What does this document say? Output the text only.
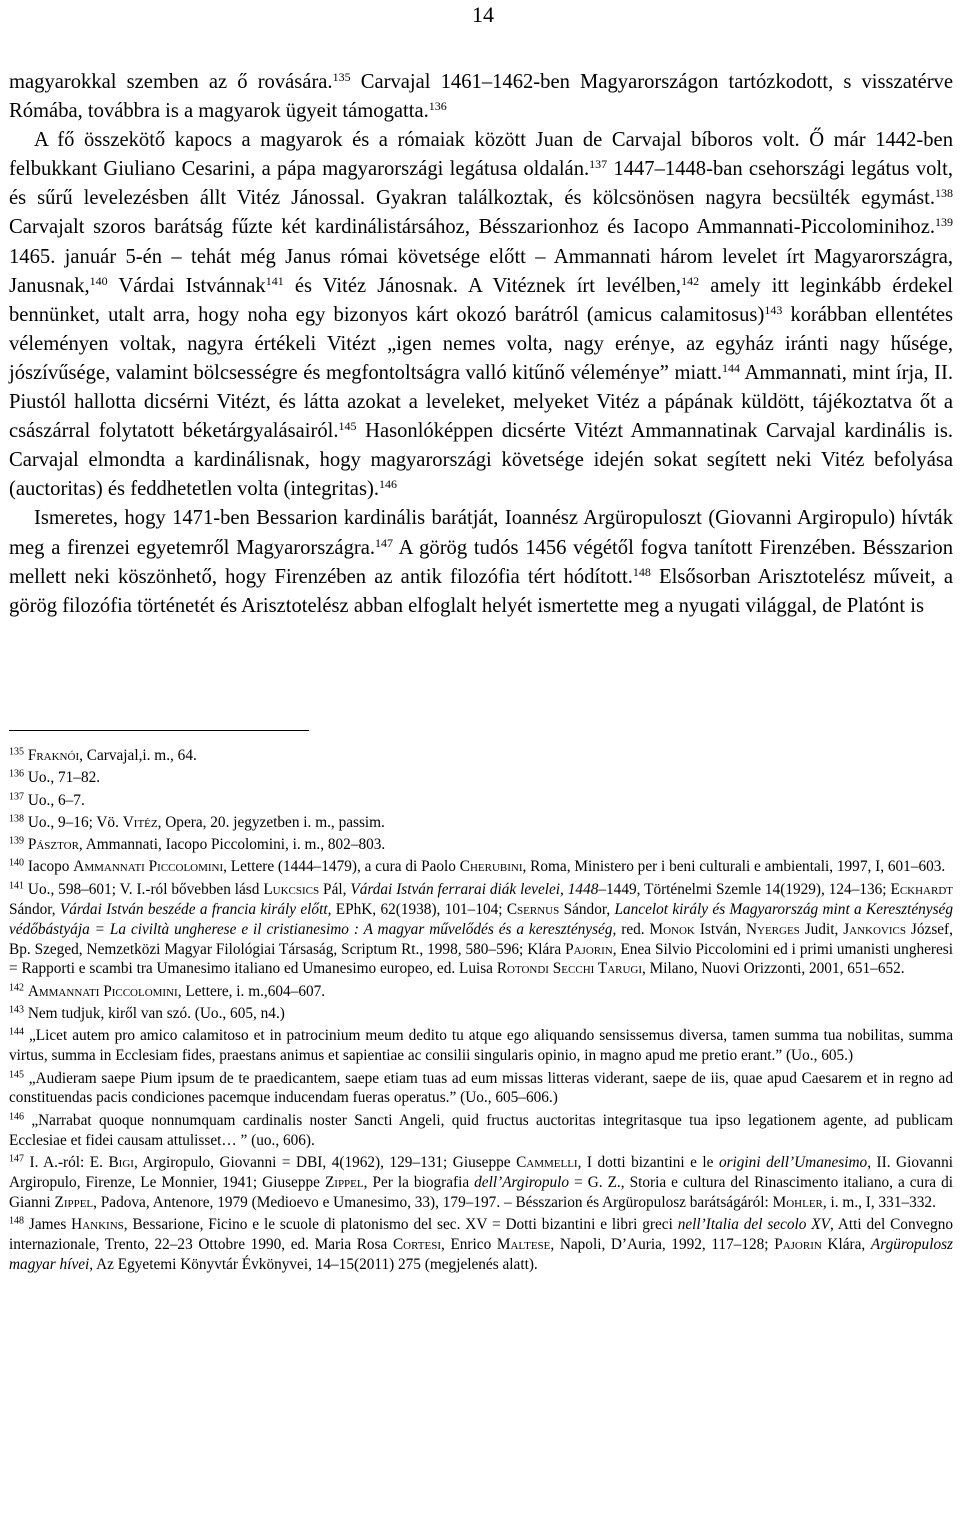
14

magyarokkal szemben az ő rovására.$^{135}$ Carvajal 1461–1462-ben Magyarországon tartózkodott, s visszatérve Rómába, továbbra is a magyarok ügyeit támogatta.$^{136}$

A fő összekötő kapocs a magyarok és a rómaiak között Juan de Carvajal bíboros volt. Ő már 1442-ben felbukkant Giuliano Cesarini, a pápa magyarországi legátusa oldalán.$^{137}$ 1447–1448-ban csehországi legátus volt, és sűrű levelezésben állt Vitéz Jánossal. Gyakran találkoztak, és kölcsönösen nagyra becsülték egymást.$^{138}$ Carvajalt szoros barátság fűzte két kardinálistársához, Bésszarionhoz és Iacopo Ammannati-Piccolominihoz.$^{139}$ 1465. január 5-én – tehát még Janus római követsége előtt – Ammannati három levelet írt Magyarországra, Janusnak,$^{140}$ Várdai Istvánnak$^{141}$ és Vitéz Jánosnak. A Vitéznek írt levélben,$^{142}$ amely itt leginkább érdekel bennünket, utalt arra, hogy noha egy bizonyos kárt okozó barátról (amicus calamitosus)$^{143}$ korábban ellentétes véleményen voltak, nagyra értékeli Vitézt „igen nemes volta, nagy erénye, az egyház iránti nagy hűsége, jószívűsége, valamint bölcsességre és megfontoltságra valló kitűnő véleménye” miatt.$^{144}$ Ammannati, mint írja, II. Piustól hallotta dicsérni Vitézt, és látta azokat a leveleket, melyeket Vitéz a pápának küldött, tájékoztatva őt a császárral folytatott béketárgyalásairól.$^{145}$ Hasonlóképpen dicsérte Vitézt Ammannatinak Carvajal kardinális is. Carvajal elmondta a kardinálisnak, hogy magyarországi követsége idején sokat segített neki Vitéz befolyása (auctoritas) és feddhetetlen volta (integritas).$^{146}$

Ismeretes, hogy 1471-ben Bessarion kardinális barátját, Ioannész Argüropuloszt (Giovanni Argiropulo) hívták meg a firenzei egyetemről Magyarországra.$^{147}$ A görög tudós 1456 végétől fogva tanított Firenzében. Bésszarion mellett neki köszönhető, hogy Firenzében az antik filozófia tért hódított.$^{148}$ Elsősorban Arisztotelész műveit, a görög filozófia történetét és Arisztotelész abban elfoglalt helyét ismertette meg a nyugati világgal, de Platónt is

$^{135}$ Fraknói, Carvajal,i. m., 64.
$^{136}$ Uo., 71–82.
$^{137}$ Uo., 6–7.
$^{138}$ Uo., 9–16; Vö. Vitéz, Opera, 20. jegyzetben i. m., passim.
$^{139}$ Pásztor, Ammannati, Iacopo Piccolomini, i. m., 802–803.
$^{140}$ Iacopo Ammannati Piccolomini, Lettere (1444–1479), a cura di Paolo Cherubini, Roma, Ministero per i beni culturali e ambientali, 1997, I, 601–603.
$^{141}$ Uo., 598–601; V. I.-ról bővebben lásd Lukcsics Pál, Várdai István ferrarai diák levelei, 1448–1449, Történelmi Szemle 14(1929), 124–136; Eckhardt Sándor, Várdai István beszéde a francia király előtt, EPhK, 62(1938), 101–104; Csernus Sándor, Lancelot király és Magyarország mint a Kereszténység védőbástyája = La civiltà ungherese e il cristianesimo : A magyar művelődés és a kereszténység, red. Monok István, Nyerges Judit, Jankovics József, Bp. Szeged, Nemzetközi Magyar Filológiai Társaság, Scriptum Rt., 1998, 580–596; Klára Pajorin, Enea Silvio Piccolomini ed i primi umanisti ungheresi = Rapporti e scambi tra Umanesimo italiano ed Umanesimo europeo, ed. Luisa Rotondi Secchi Tarugi, Milano, Nuovi Orizzonti, 2001, 651–652.
$^{142}$ Ammannati Piccolomini, Lettere, i. m.,604–607.
$^{143}$ Nem tudjuk, kiről van szó. (Uo., 605, n4.)
$^{144}$ „Licet autem pro amico calamitoso et in patrocinium meum dedito tu atque ego aliquando sensissemus diversa, tamen summa tua nobilitas, summa virtus, summa in Ecclesiam fides, praestans animus et sapientiae ac consilii singularis opinio, in magno apud me pretio erant.” (Uo., 605.)
$^{145}$ „Audieram saepe Pium ipsum de te praedicantem, saepe etiam tuas ad eum missas litteras viderant, saepe de iis, quae apud Caesarem et in regno ad constituendas pacis condiciones pacemque inducendam fueras operatus.” (Uo., 605–606.)
$^{146}$ „Narrabat quoque nonnumquam cardinalis noster Sancti Angeli, quid fructus auctoritas integritasque tua ipso legationem agente, ad publicam Ecclesiae et fidei causam attulisset… ” (uo., 606).
$^{147}$ I. A.-ról: E. Bigi, Argiropulo, Giovanni = DBI, 4(1962), 129–131; Giuseppe Cammelli, I dotti bizantini e le origini dell’Umanesimo, II. Giovanni Argiropulo, Firenze, Le Monnier, 1941; Giuseppe Zippel, Per la biografia dell’Argiropulo = G. Z., Storia e cultura del Rinascimento italiano, a cura di Gianni Zippel, Padova, Antenore, 1979 (Medioevo e Umanesimo, 33), 179–197. – Bésszarion és Argüropulosz barátságáról: Mohler, i. m., I, 331–332.
$^{148}$ James Hankins, Bessarione, Ficino e le scuole di platonismo del sec. XV = Dotti bizantini e libri greci nell’Italia del secolo XV, Atti del Convegno internazionale, Trento, 22–23 Ottobre 1990, ed. Maria Rosa Cortesi, Enrico Maltese, Napoli, D’Auria, 1992, 117–128; Pajorin Klára, Argüropulosz magyar hívei, Az Egyetemi Könyvtár Évkönyvei, 14–15(2011) 275 (megjelenés alatt).
